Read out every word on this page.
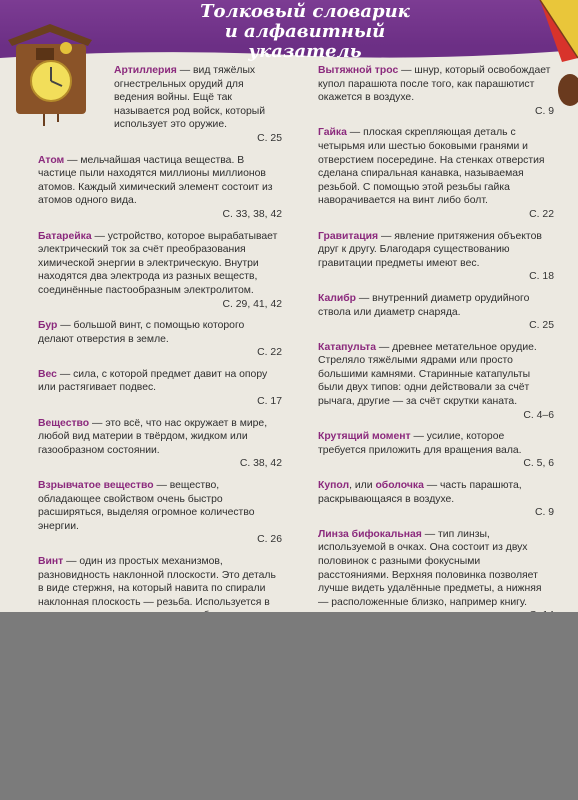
Толковый словарик
и алфавитный указатель
Артиллерия — вид тяжёлых огнестрельных орудий для ведения войны. Ещё так называется род войск, который использует это оружие.
С. 25
Атом — мельчайшая частица вещества. В частице пыли находятся миллионы миллионов атомов. Каждый химический элемент состоит из атомов одного вида.
С. 33, 38, 42
Батарейка — устройство, которое вырабатывает электрический ток за счёт преобразования химической энергии в электрическую. Внутри находятся два электрода из разных веществ, соединённые пастообразным электролитом.
С. 29, 41, 42
Бур — большой винт, с помощью которого делают отверстия в земле.
С. 22
Вес — сила, с которой предмет давит на опору или растягивает подвес.
С. 17
Вещество — это всё, что нас окружает в мире, любой вид материи в твёрдом, жидком или газообразном состоянии.
С. 38, 42
Взрывчатое вещество — вещество, обладающее свойством очень быстро расширяться, выделяя огромное количество энергии.
С. 26
Винт — один из простых механизмов, разновидность наклонной плоскости. Это деталь в виде стержня, на который навита по спирали наклонная плоскость — резьба. Используется в
Вытяжной трос — шнур, который освобождает купол парашюта после того, как парашютист окажется в воздухе.
С. 9
Гайка — плоская скрепляющая деталь с четырьмя или шестью боковыми гранями и отверстием посередине. На стенках отверстия сделана спиральная канавка, называемая резьбой. С помощью этой резьбы гайка наворачивается на винт либо болт.
С. 22
Гравитация — явление притяжения объектов друг к другу. Благодаря существованию гравитации предметы имеют вес.
С. 18
Калибр — внутренний диаметр орудийного ствола или диаметр снаряда.
С. 25
Катапульта — древнее метательное орудие. Стреляло тяжёлыми ядрами или просто большими камнями. Старинные катапульты были двух типов: одни действовали за счёт рычага, другие — за счёт скрутки каната.
С. 4–6
Крутящий момент — усилие, которое требуется приложить для вращения вала.
С. 5, 6
Купол, или оболочка — часть парашюта, раскрывающаяся в воздухе.
С. 9
Линза бифокальная — тип линзы, используемой в очках. Она состоит из двух половинок с разными фокусными расстояниями. Верхняя половинка позволяет лучше видеть удалённые предметы, а нижняя — расположенные близко, например книгу.
